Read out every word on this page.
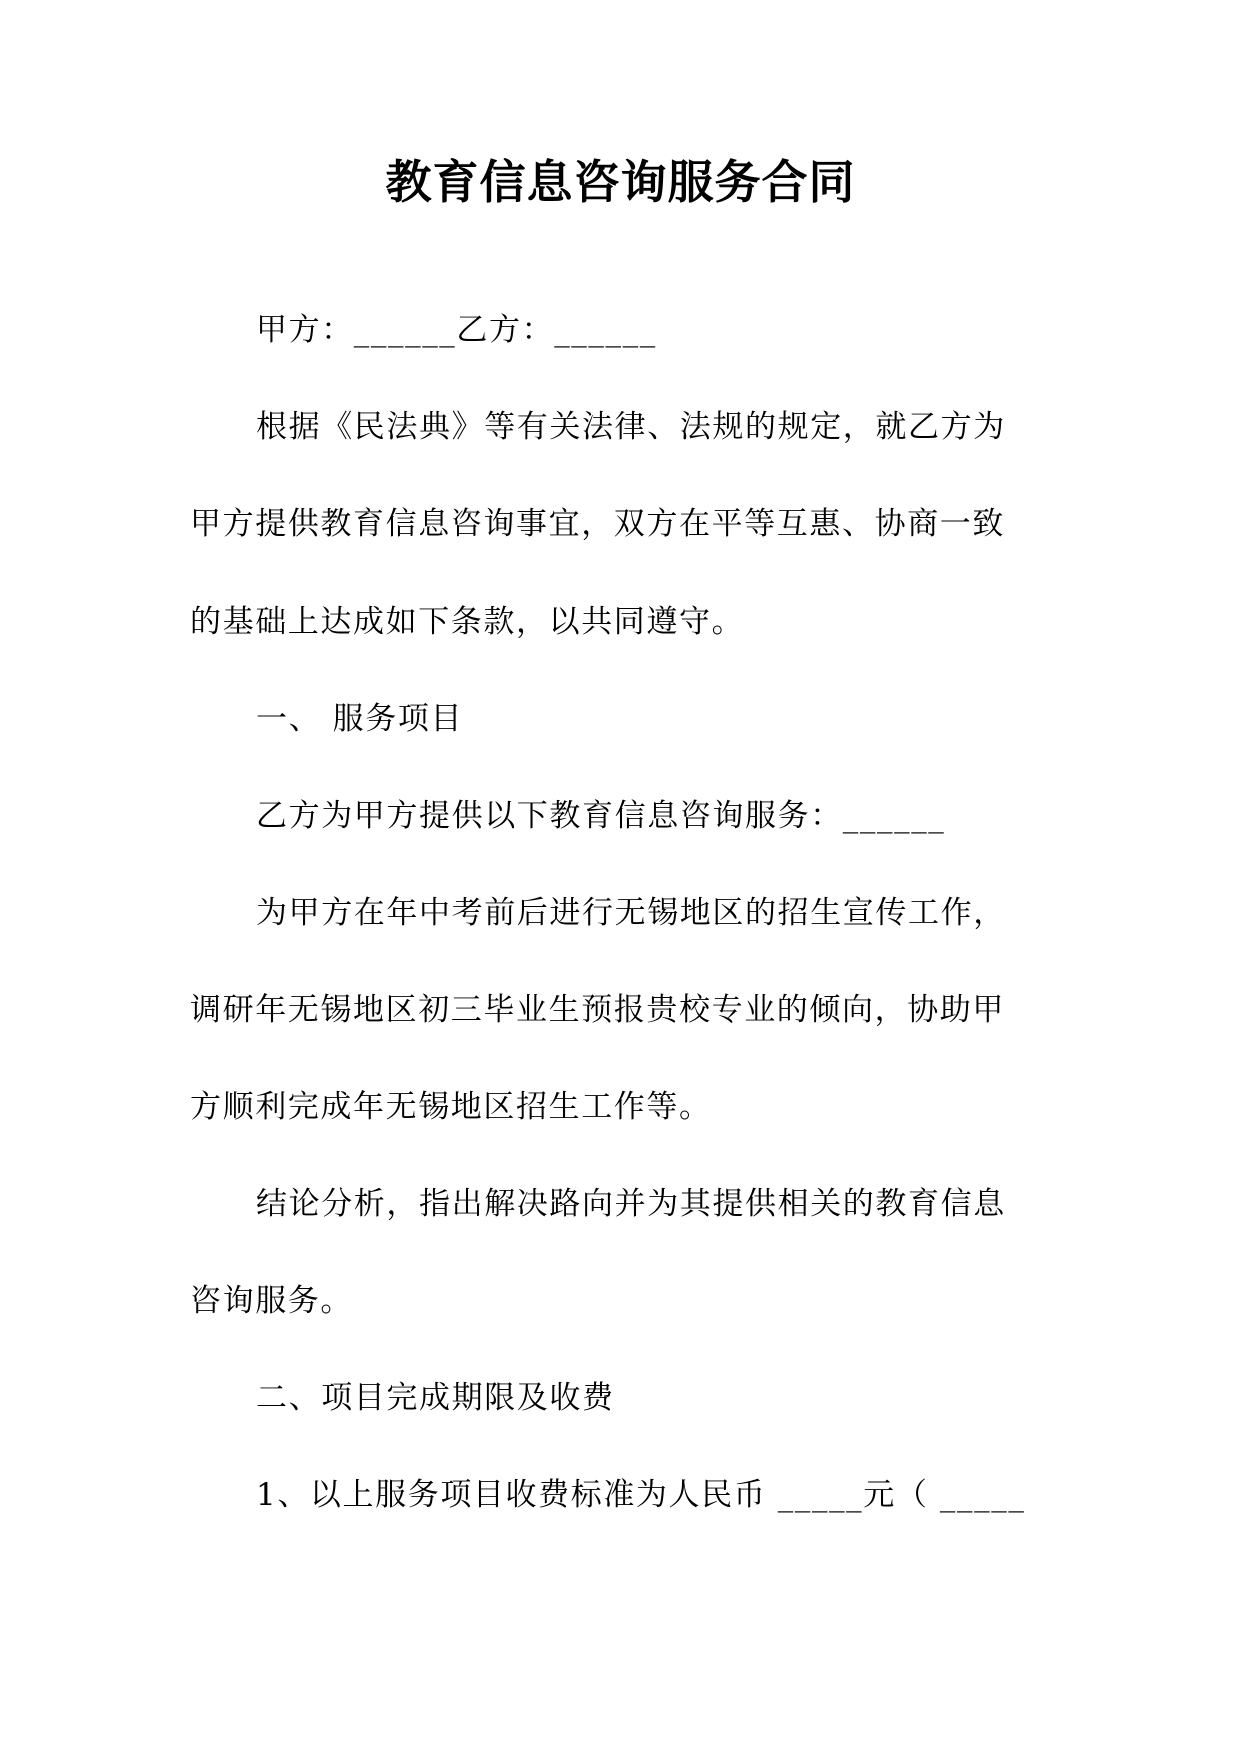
教育信息咨询服务合同
甲方：______乙方：______
根据《民法典》等有关法律、法规的规定，就乙方为
甲方提供教育信息咨询事宜，双方在平等互惠、协商一致
的基础上达成如下条款，以共同遵守。
一、 服务项目
乙方为甲方提供以下教育信息咨询服务：______
为甲方在年中考前后进行无锡地区的招生宣传工作，
调研年无锡地区初三毕业生预报贵校专业的倾向，协助甲
方顺利完成年无锡地区招生工作等。
结论分析，指出解决路向并为其提供相关的教育信息
咨询服务。
二、项目完成期限及收费
1、以上服务项目收费标准为人民币 _____元（ _____
